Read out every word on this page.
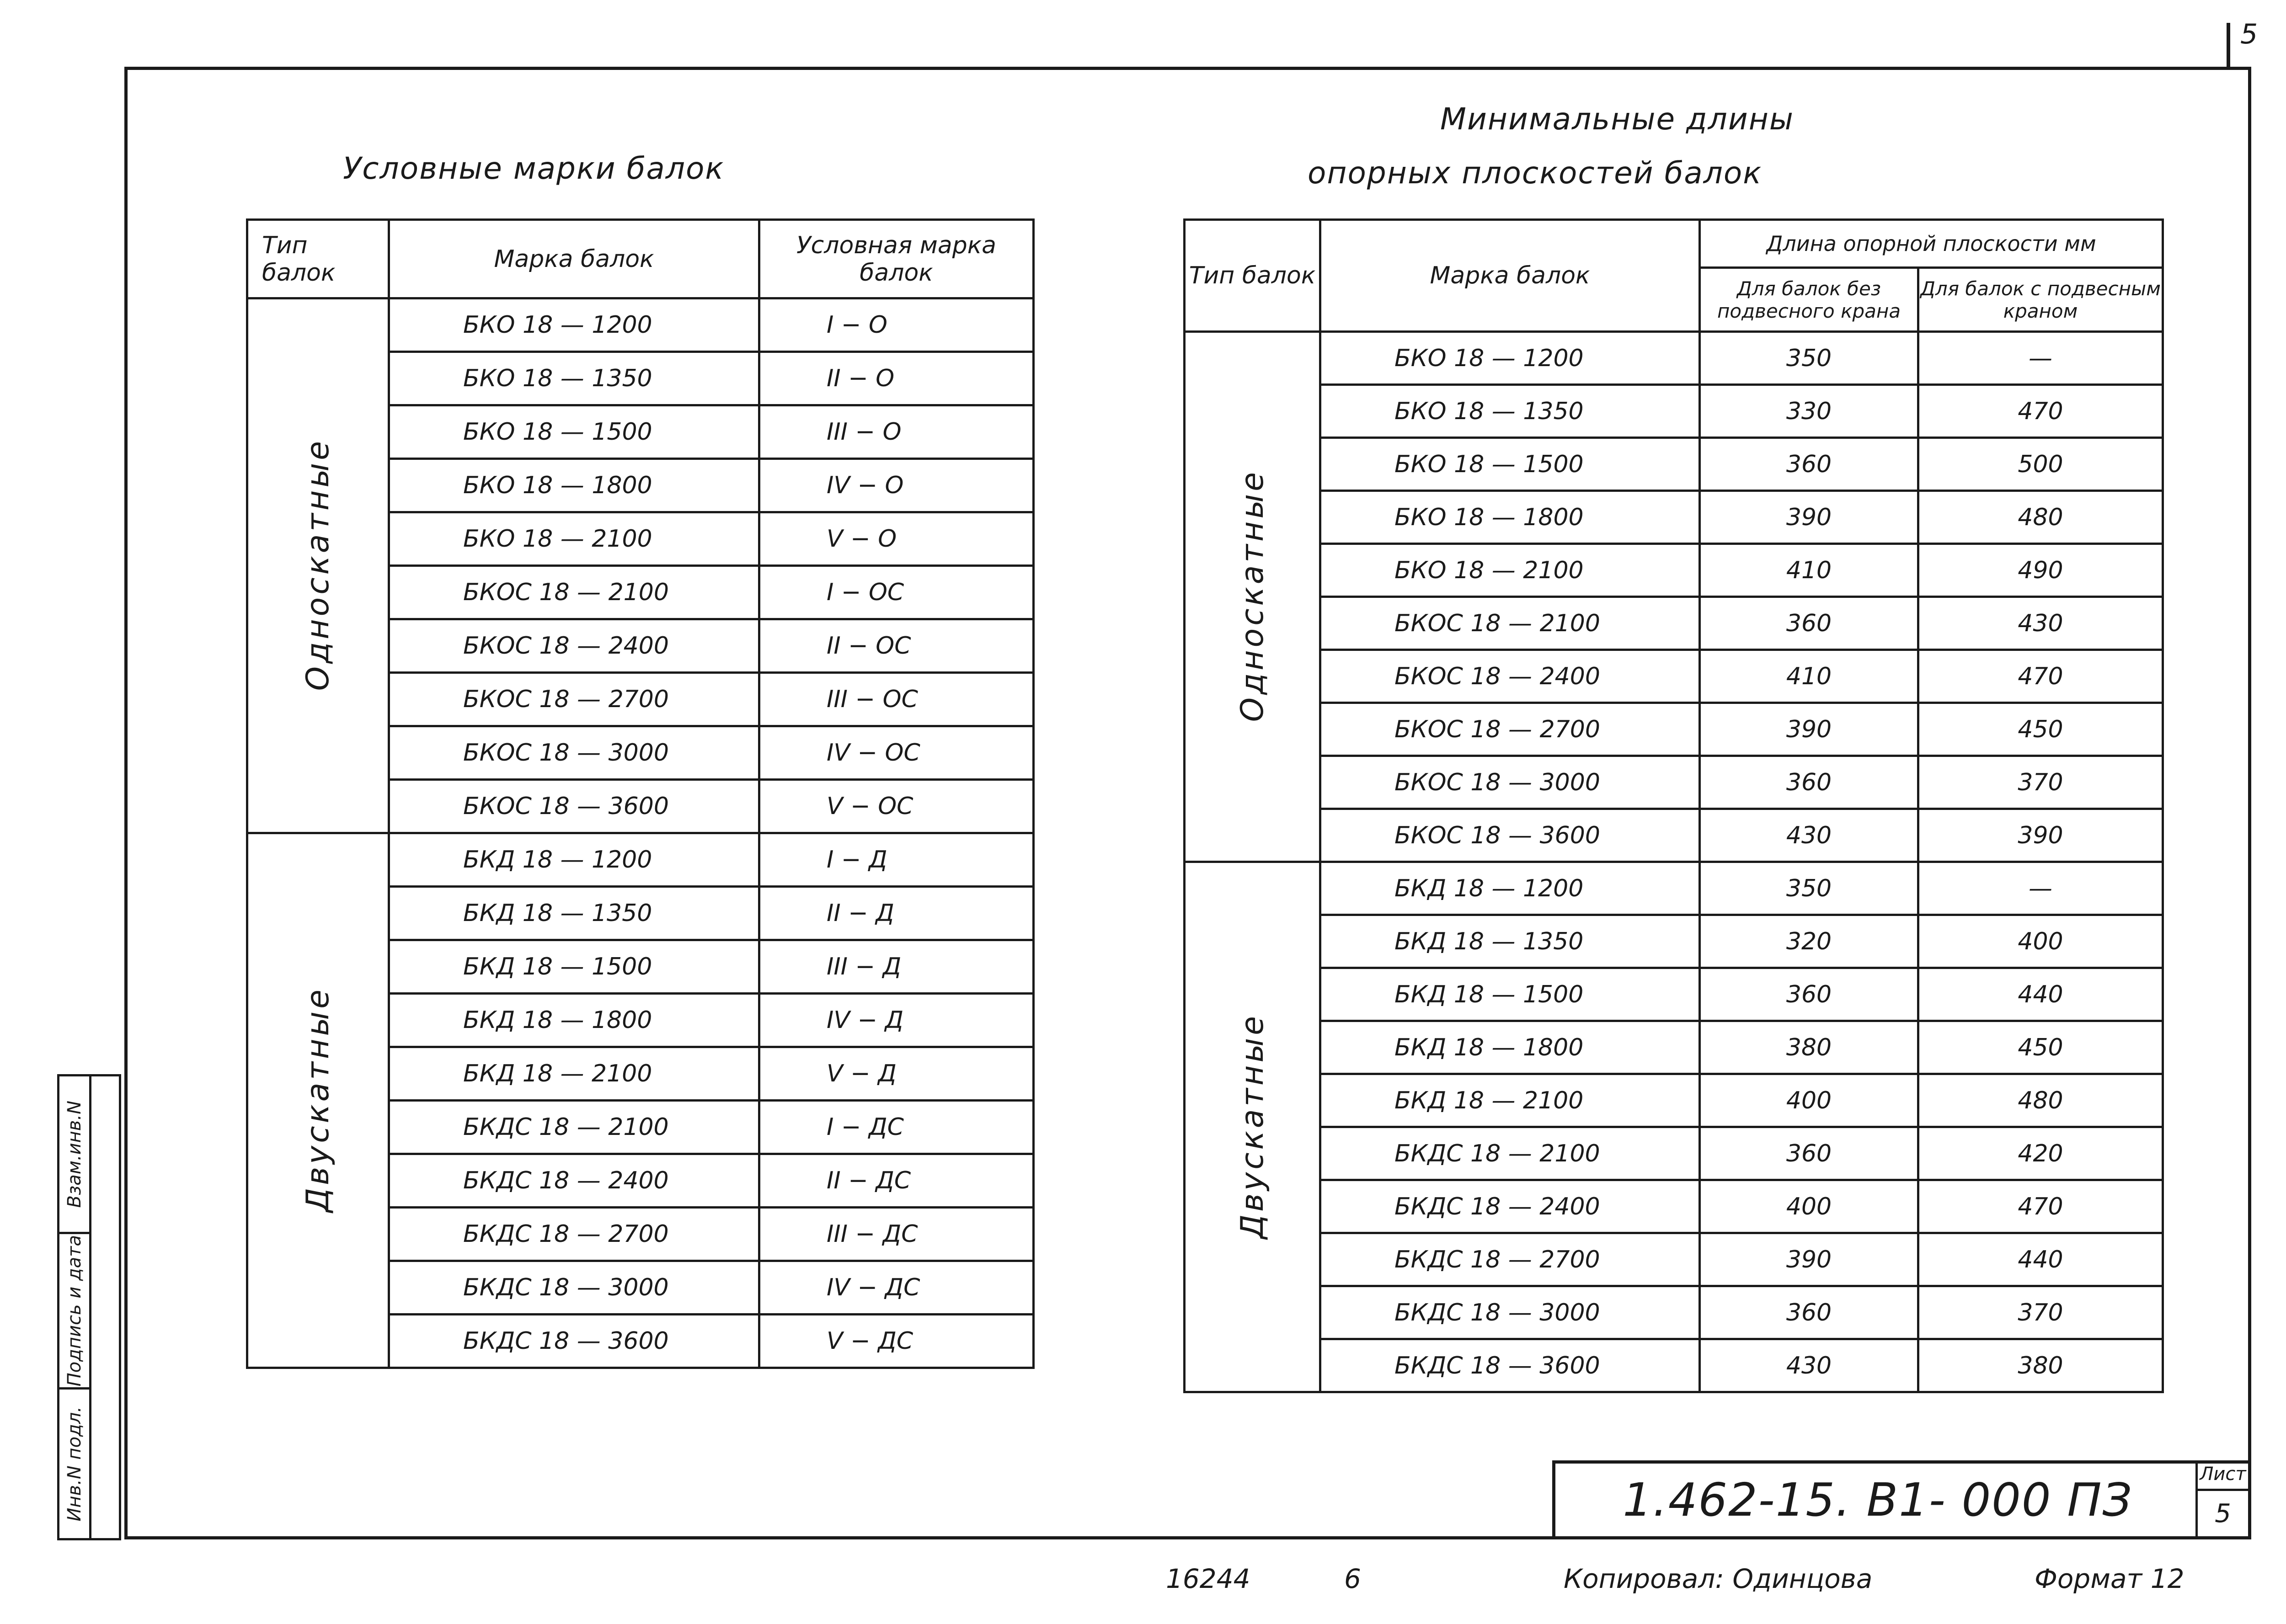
5
Условные марки балок
Тип балок	Марка балок	Условная марка балок
Односкатные	БКО 18 — 1200	I − О
	БКО 18 — 1350	II − О
	БКО 18 — 1500	III − О
	БКО 18 — 1800	IV − О
	БКО 18 — 2100	V − О
	БКОС 18 — 2100	I − ОС
	БКОС 18 — 2400	II − ОС
	БКОС 18 — 2700	III − ОС
	БКОС 18 — 3000	IV − ОС
	БКОС 18 — 3600	V − ОС
Двускатные	БКД 18 — 1200	I − Д
	БКД 18 — 1350	II − Д
	БКД 18 — 1500	III − Д
	БКД 18 — 1800	IV − Д
	БКД 18 — 2100	V − Д
	БКДС 18 — 2100	I − ДС
	БКДС 18 — 2400	II − ДС
	БКДС 18 — 2700	III − ДС
	БКДС 18 — 3000	IV − ДС
	БКДС 18 — 3600	V − ДС
Минимальные длины
опорных плоскостей балок
Тип балок	Марка балок	Длина опорной плоскости мм	
		Для балок без подвесного крана	Для балок с подвесным краном
Односкатные	БКО 18 — 1200	350	—
	БКО 18 — 1350	330	470
	БКО 18 — 1500	360	500
	БКО 18 — 1800	390	480
	БКО 18 — 2100	410	490
	БКОС 18 — 2100	360	430
	БКОС 18 — 2400	410	470
	БКОС 18 — 2700	390	450
	БКОС 18 — 3000	360	370
	БКОС 18 — 3600	430	390
Двускатные	БКД 18 — 1200	350	—
	БКД 18 — 1350	320	400
	БКД 18 — 1500	360	440
	БКД 18 — 1800	380	450
	БКД 18 — 2100	400	480
	БКДС 18 — 2100	360	420
	БКДС 18 — 2400	400	470
	БКДС 18 — 2700	390	440
	БКДС 18 — 3000	360	370
	БКДС 18 — 3600	430	380
Взам.инв.N
Подпись и дата
Инв.N подл.	1.462-15. В1- 000 ПЗ	Лист
5
16244	6	Копировал: Одинцова	Формат 12
